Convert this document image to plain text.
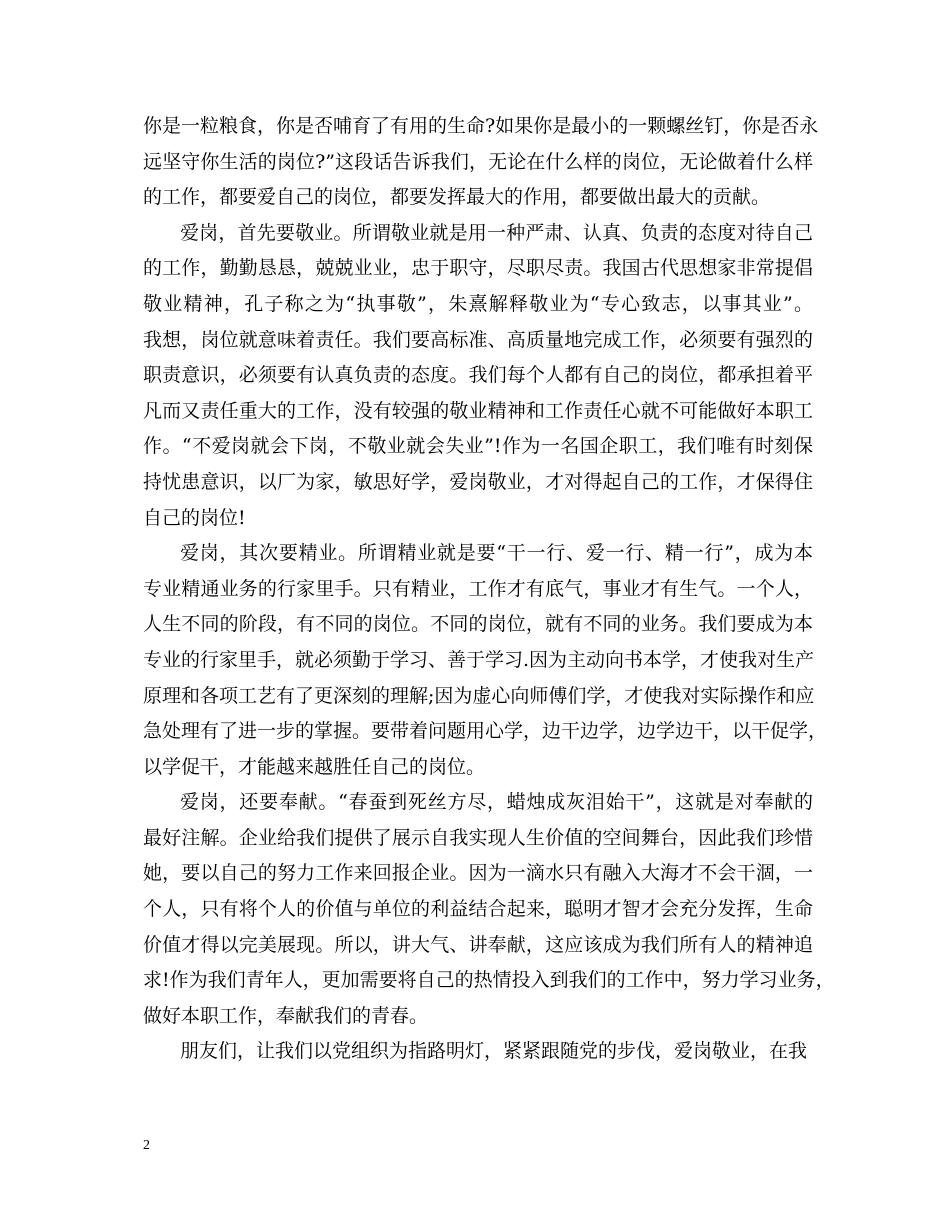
你是一粒粮食，你是否哺育了有用的生命?如果你是最小的一颗螺丝钉，你是否永
远坚守你生活的岗位?”这段话告诉我们，无论在什么样的岗位，无论做着什么样
的工作，都要爱自己的岗位，都要发挥最大的作用，都要做出最大的贡献。
爱岗，首先要敬业。所谓敬业就是用一种严肃、认真、负责的态度对待自己
的工作，勤勤恳恳，兢兢业业，忠于职守，尽职尽责。我国古代思想家非常提倡
敬业精神，孔子称之为“执事敬”，朱熹解释敬业为“专心致志，以事其业”。
我想，岗位就意味着责任。我们要高标准、高质量地完成工作，必须要有强烈的
职责意识，必须要有认真负责的态度。我们每个人都有自己的岗位，都承担着平
凡而又责任重大的工作，没有较强的敬业精神和工作责任心就不可能做好本职工
作。“不爱岗就会下岗，不敬业就会失业”!作为一名国企职工，我们唯有时刻保
持忧患意识，以厂为家，敏思好学，爱岗敬业，才对得起自己的工作，才保得住
自己的岗位!
爱岗，其次要精业。所谓精业就是要“干一行、爱一行、精一行”，成为本
专业精通业务的行家里手。只有精业，工作才有底气，事业才有生气。一个人，
人生不同的阶段，有不同的岗位。不同的岗位，就有不同的业务。我们要成为本
专业的行家里手，就必须勤于学习、善于学习.因为主动向书本学，才使我对生产
原理和各项工艺有了更深刻的理解;因为虚心向师傅们学，才使我对实际操作和应
急处理有了进一步的掌握。要带着问题用心学，边干边学，边学边干，以干促学，
以学促干，才能越来越胜任自己的岗位。
爱岗，还要奉献。“春蚕到死丝方尽，蜡烛成灰泪始干”，这就是对奉献的
最好注解。企业给我们提供了展示自我实现人生价值的空间舞台，因此我们珍惜
她，要以自己的努力工作来回报企业。因为一滴水只有融入大海才不会干涸，一
个人，只有将个人的价值与单位的利益结合起来，聪明才智才会充分发挥，生命
价值才得以完美展现。所以，讲大气、讲奉献，这应该成为我们所有人的精神追
求!作为我们青年人，更加需要将自己的热情投入到我们的工作中，努力学习业务，
做好本职工作，奉献我们的青春。
朋友们，让我们以党组织为指路明灯，紧紧跟随党的步伐，爱岗敬业，在我
2
